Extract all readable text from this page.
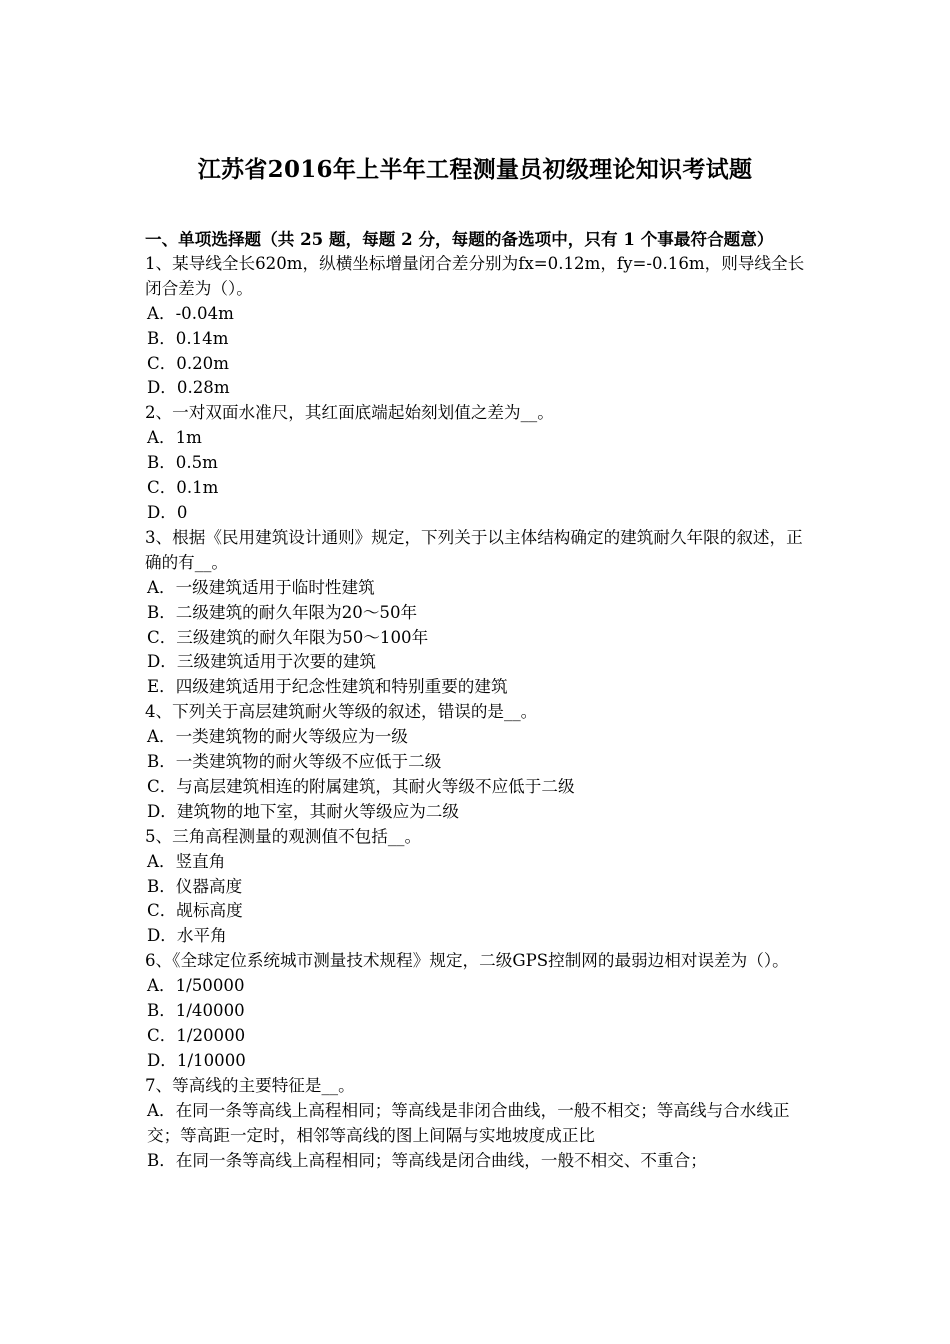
江苏省2016年上半年工程测量员初级理论知识考试题

一、单项选择题（共 25 题，每题 2 分，每题的备选项中，只有 1 个事最符合题意）

1、某导线全长620m，纵横坐标增量闭合差分别为fx=0.12m，fy=-0.16m，则导线全长闭合差为（）。

A．-0.04m

B．0.14m

C．0.20m

D．0.28m

2、一对双面水准尺，其红面底端起始刻划值之差为__。

A．1m

B．0.5m

C．0.1m

D．0

3、根据《民用建筑设计通则》规定，下列关于以主体结构确定的建筑耐久年限的叙述，正确的有__。

A．一级建筑适用于临时性建筑

B．二级建筑的耐久年限为20～50年

C．三级建筑的耐久年限为50～100年

D．三级建筑适用于次要的建筑

E．四级建筑适用于纪念性建筑和特别重要的建筑

4、下列关于高层建筑耐火等级的叙述，错误的是__。

A．一类建筑物的耐火等级应为一级

B．一类建筑物的耐火等级不应低于二级

C．与高层建筑相连的附属建筑，其耐火等级不应低于二级

D．建筑物的地下室，其耐火等级应为二级

5、三角高程测量的观测值不包括__。

A．竖直角

B．仪器高度

C．觇标高度

D．水平角

6、《全球定位系统城市测量技术规程》规定，二级GPS控制网的最弱边相对误差为（）。

A．1/50000

B．1/40000

C．1/20000

D．1/10000

7、等高线的主要特征是__。

A．在同一条等高线上高程相同；等高线是非闭合曲线，一般不相交；等高线与合水线正交；等高距一定时，相邻等高线的图上间隔与实地坡度成正比

B．在同一条等高线上高程相同；等高线是闭合曲线，一般不相交、不重合；
